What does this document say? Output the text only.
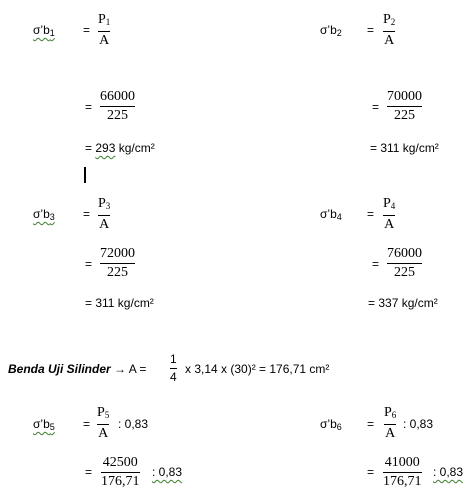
$\sigma’b_1$ =
$P_1$
A
$\sigma’b_2$ =
$P_2$
A
=
66000
225
= 293 kg/cm²
=
70000
225
= 311 kg/cm²
$\sigma’b_3$ =
$P_3$
A
$\sigma’b_4$ =
$P_4$
A
=
72000
225
= 311 kg/cm²
=
76000
225
= 337 kg/cm²
Benda Uji Silinder → A =
1
4
x 3,14 x (30)² = 176,71 cm²
$\sigma’b_5$ =
$P_5$
A
: 0,83	$\sigma’b_6$ =
$P_6$
A
: 0,83
=
42500
176,71
: 0,83	=
41000
176,71
: 0,83
